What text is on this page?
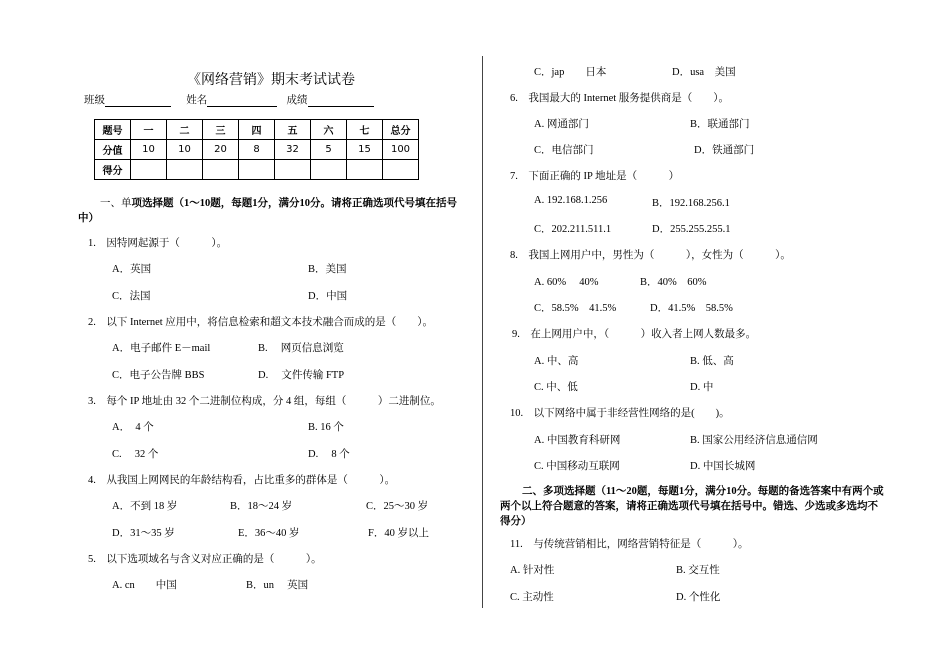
《网络营销》期末考试试卷
班级	姓名	成绩
题号	一	二	三	四	五	六	七	总分
分值	10	10	20	8	32	5	15	100
得分								
一、单项选择题（1～10题，每题1分，满分10分。请将正确选项代号填在括号中）
1.　因特网起源于（　　　）。
A．英国	B．美国
C．法国	D．中国
2.　以下 Internet 应用中，将信息检索和超文本技术融合而成的是（　　）。
A．电子邮件 E－mail	B.　 网页信息浏览
C．电子公告牌 BBS	D.　 文件传输 FTP
3.　每个 IP 地址由 32 个二进制位构成，分 4 组，每组（　　　）二进制位。
A．　4 个	B. 16 个
C.　 32 个	D.　 8 个
4.　从我国上网网民的年龄结构看，占比重多的群体是（　　　）。
A．不到 18 岁	B．18～24 岁	C．25～30 岁
D．31～35 岁	E．36～40 岁	F．40 岁以上
5.　以下选项域名与含义对应正确的是（　　　）。
A. cn　　中国	B．un　 英国
C．jap　　日本	D．usa　美国
6.　我国最大的 Internet 服务提供商是（　　）。
A. 网通部门	B．联通部门
C．电信部门	D．铁通部门
7.　下面正确的 IP 地址是（　　　）
A. 192.168.1.256	B．192.168.256.1
C．202.211.511.1	D．255.255.255.1
8.　我国上网用户中，男性为（　　　），女性为（　　　）。
A. 60%　 40%	B．40%　60%
C．58.5%　41.5%	D．41.5%　58.5%
9.　在上网用户中，（　　　）收入者上网人数最多。
A. 中、高	B. 低、高
C. 中、低	D. 中
10.　以下网络中属于非经营性网络的是(　　)。
A. 中国教育科研网	B. 国家公用经济信息通信网
C. 中国移动互联网	D. 中国长城网
二、多项选择题（11～20题，每题1分，满分10分。每题的备选答案中有两个或两个以上符合题意的答案，请将正确选项代号填在括号中。错选、少选或多选均不得分）
11.　与传统营销相比，网络营销特征是（　　　）。
A. 针对性	B. 交互性
C. 主动性	D. 个性化
